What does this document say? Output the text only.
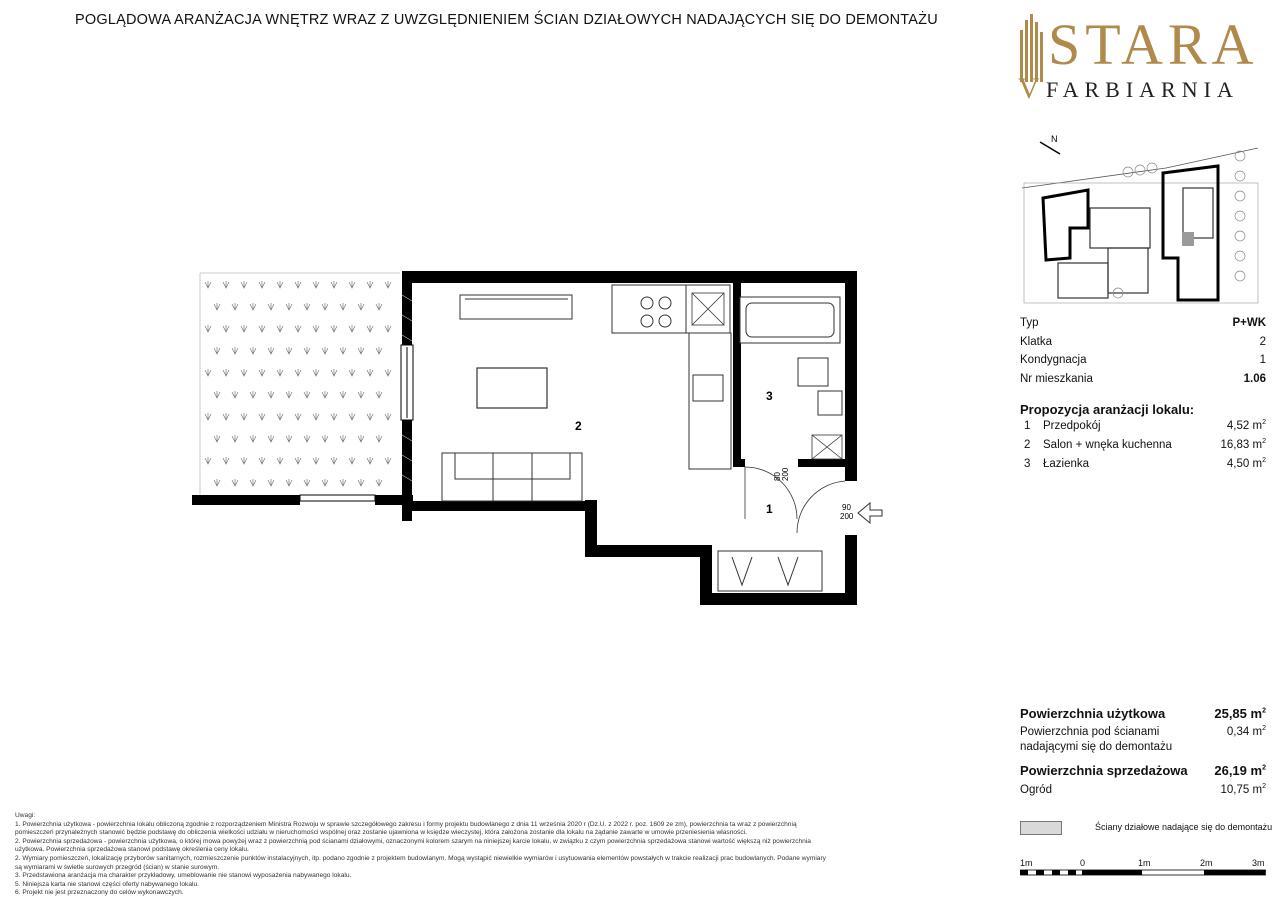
POGLĄDOWA ARANŻACJA WNĘTRZ WRAZ Z UWZGLĘDNIENIEM ŚCIAN DZIAŁOWYCH NADAJĄCYCH SIĘ DO DEMONTAŻU STARA
V FARBIARNIA
N
Typ	P+WK
Klatka	2
Kondygnacja	1
Nr mieszkania	1.06
Propozycja aranżacji lokalu:
1	Przedpokój	4,52 $m^2$
2	Salon + wnęka kuchenna	16,83 $m^2$
3	Łazienka	4,50 $m^2$
Powierzchnia użytkowa	25,85 $m^2$
Powierzchnia pod ścianami
nadającymi się do demontażu
0,34 $m^2$
Powierzchnia sprzedażowa 26,19 $m^2$
Ogród	10,75 $m^2$
Ściany działowe nadające się do demontażu
1m	0	1m	2m	3m
Uwagi:
1. Powierzchnia użytkowa - powierzchnia lokalu obliczoną zgodnie z rozporządzeniem Ministra Rozwoju w sprawie szczegółowego zakresu i formy projektu budowlanego z dnia 11 września 2020 r (Dz.U. z 2022 r. poz. 1609 ze zm), powierzchnia ta wraz z powierzchnią
pomieszczeń przynależnych stanowić będzie podstawę do obliczenia wielkości udziału w nieruchomości wspólnej oraz zostanie ujawniona w księdze wieczystej, która założona zostanie dla lokalu na żądanie zawarte w umowie przeniesienia własności.
2. Powierzchnia sprzedażowa - powierzchnia użytkowa, o której mowa powyżej wraz z powierzchnią pod ścianami działowymi, oznaczonymi kolorem szarym na niniejszej karcie lokalu, w związku z czym powierzchnia sprzedażowa stanowi wartość większą niż powierzchnia
użytkowa. Powierzchnia sprzedażowa stanowi podstawę określenia ceny lokalu.
2. Wymiary pomieszczeń, lokalizację przyborów sanitarnych, rozmieszczenie punktów instalacyjnych, itp. podano zgodnie z projektem budowlanym. Mogą wystąpić niewielkie wymiarów i usytuowania elementów powstałych w trakcie realizacji prac budowlanych. Podane wymiary
są wymiarami w świetle surowych przegród (ścian) w stanie surowym.
3. Przedstawiona aranżacja ma charakter przykładowy, umeblowanie nie stanowi wyposażenia nabywanego lokalu.
5. Niniejsza karta nie stanowi części oferty nabywanego lokalu.
6. Projekt nie jest przeznaczony do celów wykonawczych.
2
3
1
80 200
90
200
